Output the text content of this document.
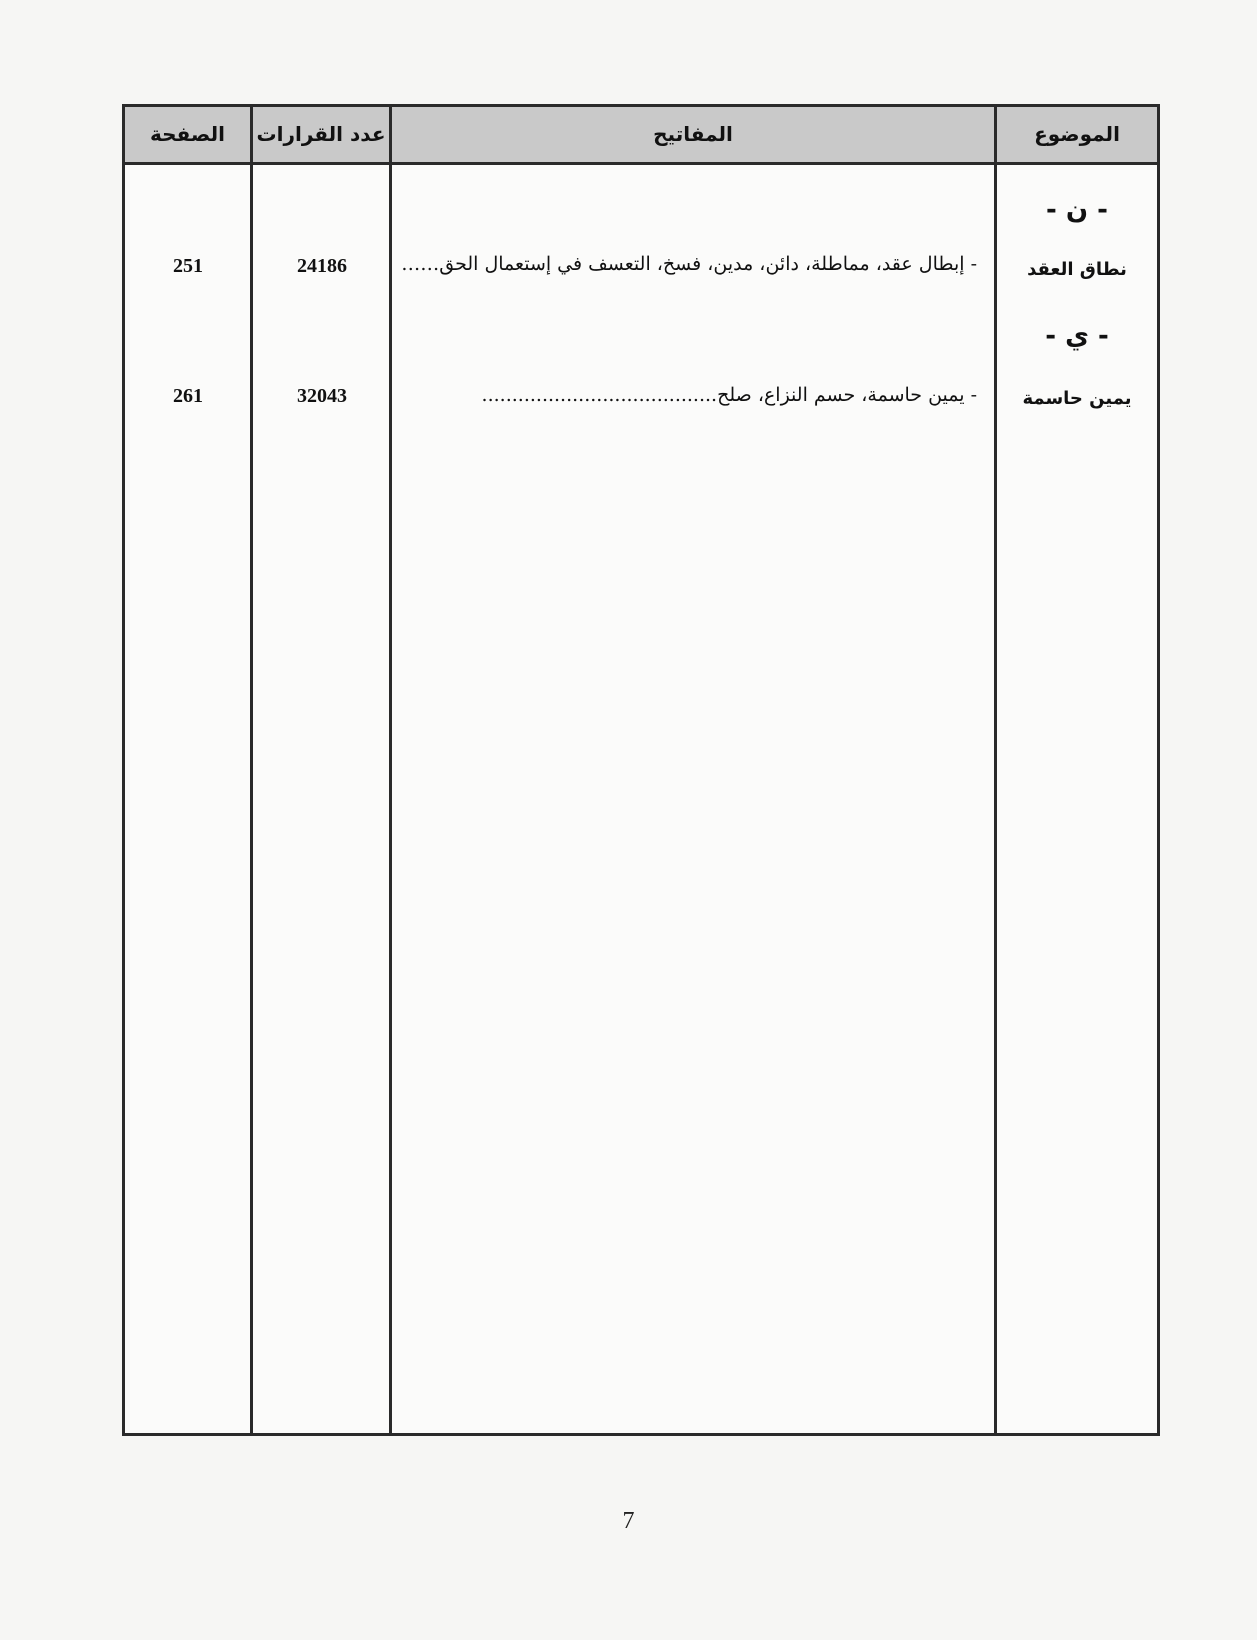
الموضوع
المفاتيح
عدد القرارات
الصفحة
- ن -
نطاق العقد
- إبطال عقد، مماطلة، دائن، مدين، فسخ، التعسف في إستعمال الحق……
24186
251
- ي -
يمين حاسمة
- يمين حاسمة، حسم النزاع، صلح.......................................
32043
261
7
